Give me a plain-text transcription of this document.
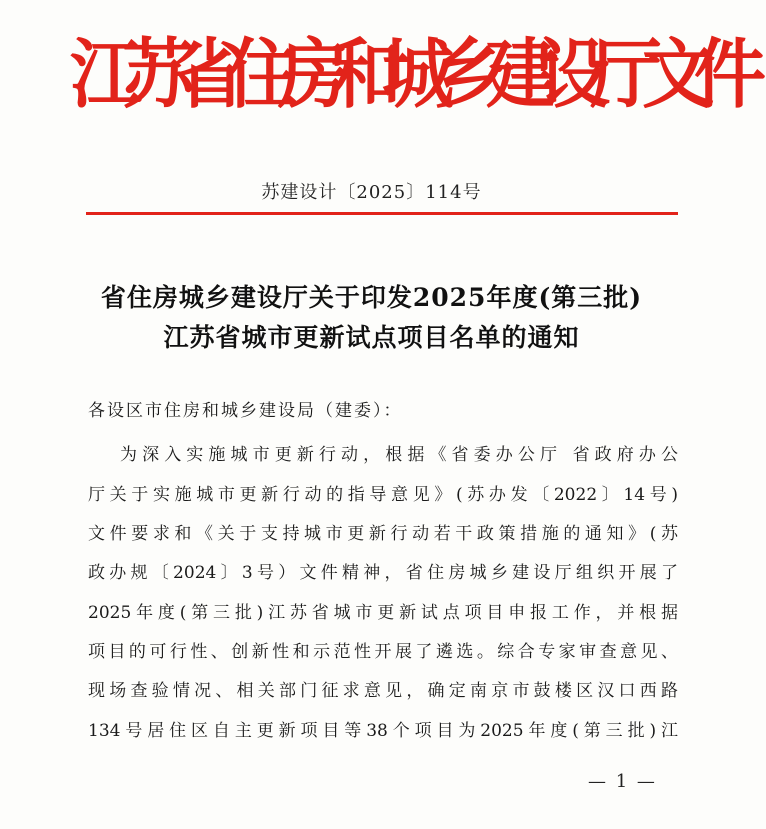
江
苏
省
住
房
和
城
乡
建
设
厅
文
件
苏建设计〔2025〕114号
省住房城乡建设厅关于印发2025年度(第三批)
江苏省城市更新试点项目名单的通知
各设区市住房和城乡建设局（建委）：
为深入实施城市更新行动，根据《省委办公厅 省政府办公
厅关于实施城市更新行动的指导意见》(苏办发〔2022〕14号)
文件要求和《关于支持城市更新行动若干政策措施的通知》(苏
政办规〔2024〕3号）文件精神，省住房城乡建设厅组织开展了
2025年度(第三批)江苏省城市更新试点项目申报工作，并根据
项目的可行性、创新性和示范性开展了遴选。综合专家审查意见、
现场查验情况、相关部门征求意见，确定南京市鼓楼区汉口西路
134号居住区自主更新项目等38个项目为2025年度(第三批)江
— 1 —
